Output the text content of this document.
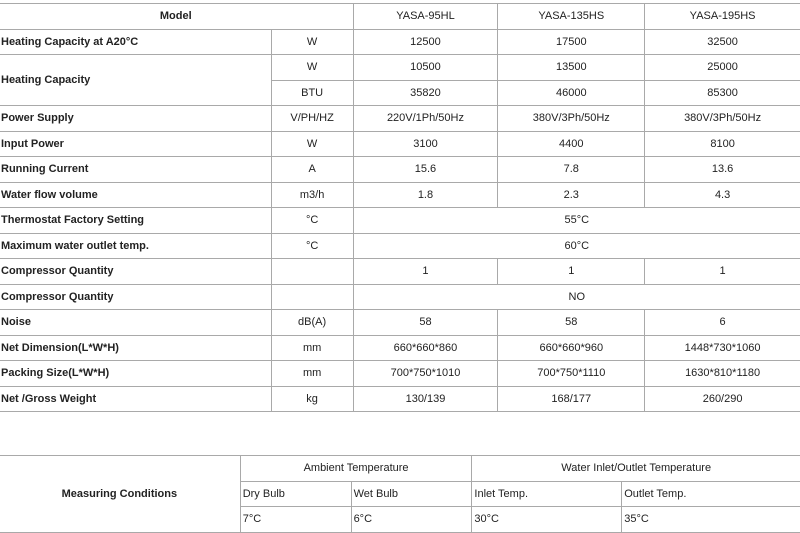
Model		YASA-95HL	YASA-135HS	YASA-195HS
Heating Capacity at A20°C	W	12500	17500	32500
Heating Capacity	W	10500	13500	25000
	BTU	35820	46000	85300
Power Supply	V/PH/HZ	220V/1Ph/50Hz	380V/3Ph/50Hz	380V/3Ph/50Hz
Input Power	W	3100	4400	8100
Running Current	A	15.6	7.8	13.6
Water flow volume	m3/h	1.8	2.3	4.3
Thermostat Factory Setting	°C	55°C		
Maximum water outlet temp.	°C	60°C		
Compressor Quantity		1	1	1
Compressor Quantity		NO		
Noise	dB(A)	58	58	6
Net Dimension(L*W*H)	mm	660*660*860	660*660*960	1448*730*1060
Packing Size(L*W*H)	mm	700*750*1010	700*750*1110	1630*810*1180
Net /Gross Weight	kg	130/139	168/177	260/290
Measuring Conditions	Ambient Temperature		Water Inlet/Outlet Temperature	
	Dry Bulb	Wet Bulb	Inlet Temp.	Outlet Temp.
	7°C	6°C	30°C	35°C
